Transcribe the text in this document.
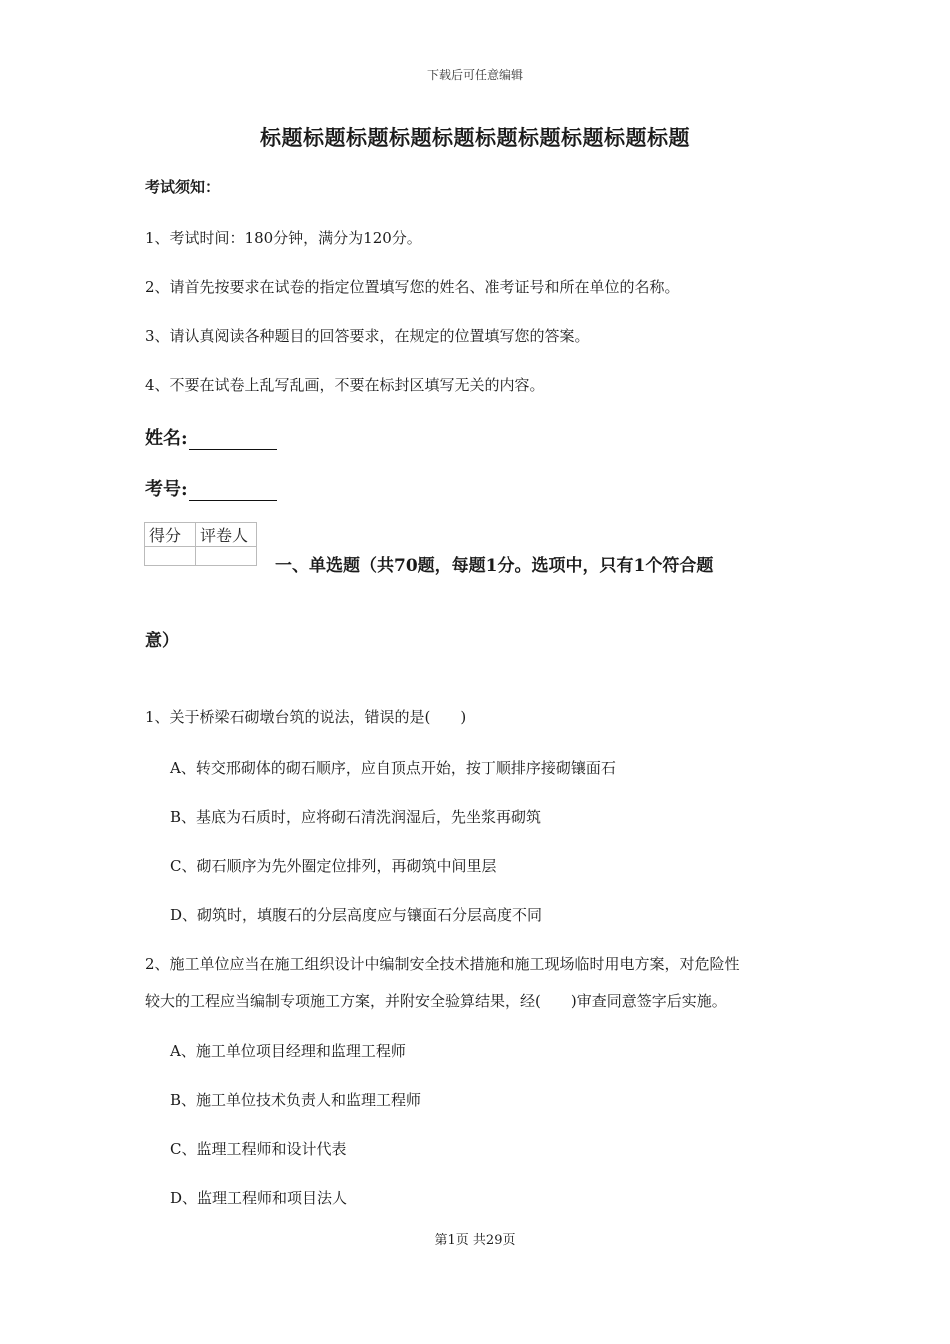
下载后可任意编辑
标题标题标题标题标题标题标题标题标题标题
考试须知：
1、考试时间：180分钟，满分为120分。
2、请首先按要求在试卷的指定位置填写您的姓名、准考证号和所在单位的名称。
3、请认真阅读各种题目的回答要求，在规定的位置填写您的答案。
4、不要在试卷上乱写乱画，不要在标封区填写无关的内容。
姓名:
考号:
得分	评卷人

一、单选题（共70题，每题1分。选项中，只有1个符合题
意）
1、关于桥梁石砌墩台筑的说法，错误的是(　　)
A、转交邢砌体的砌石顺序，应自顶点开始，按丁顺排序接砌镶面石
B、基底为石质时，应将砌石清洗润湿后，先坐浆再砌筑
C、砌石顺序为先外圈定位排列，再砌筑中间里层
D、砌筑时，填腹石的分层高度应与镶面石分层高度不同
2、施工单位应当在施工组织设计中编制安全技术措施和施工现场临时用电方案，对危险性
较大的工程应当编制专项施工方案，并附安全验算结果，经(　　)审查同意签字后实施。
A、施工单位项目经理和监理工程师
B、施工单位技术负责人和监理工程师
C、监理工程师和设计代表
D、监理工程师和项目法人
第1页 共29页
